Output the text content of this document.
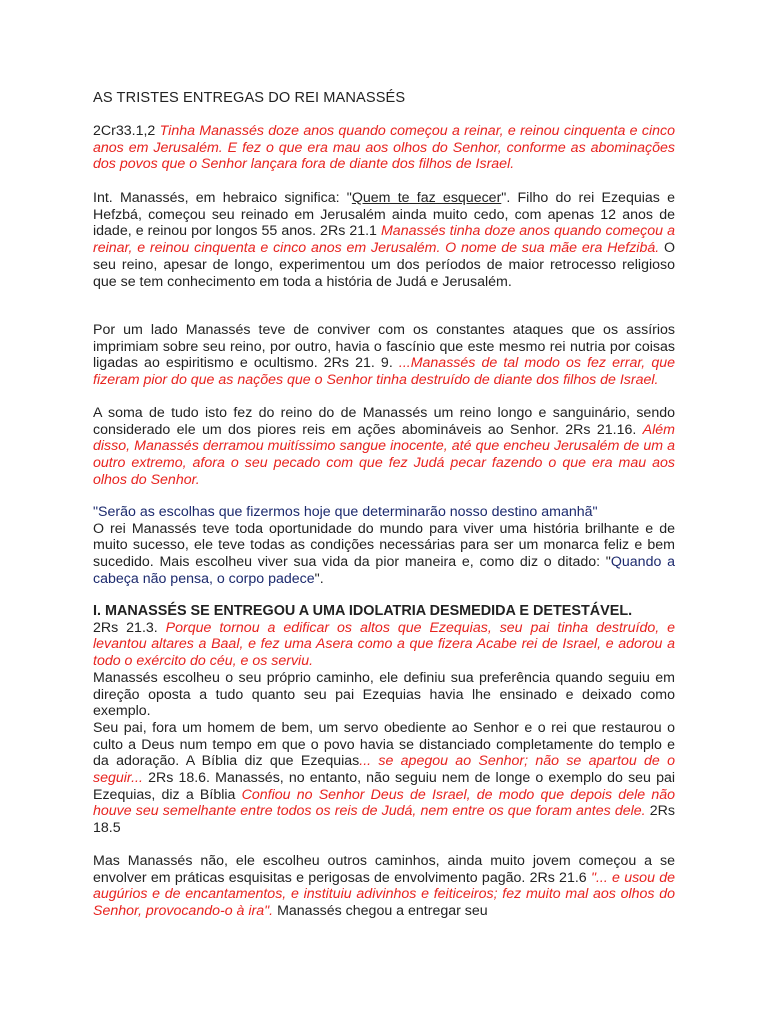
AS TRISTES ENTREGAS DO REI MANASSÉS

2Cr33.1,2 Tinha Manassés doze anos quando começou a reinar, e reinou cinquenta e cinco anos em Jerusalém. E fez o que era mau aos olhos do Senhor, conforme as abominações dos povos que o Senhor lançara fora de diante dos filhos de Israel.

Int. Manassés, em hebraico significa: "Quem te faz esquecer". Filho do rei Ezequias e Hefzbá, começou seu reinado em Jerusalém ainda muito cedo, com apenas 12 anos de idade, e reinou por longos 55 anos. 2Rs 21.1 Manassés tinha doze anos quando começou a reinar, e reinou cinquenta e cinco anos em Jerusalém. O nome de sua mãe era Hefzibá. O seu reino, apesar de longo, experimentou um dos períodos de maior retrocesso religioso que se tem conhecimento em toda a história de Judá e Jerusalém.

Por um lado Manassés teve de conviver com os constantes ataques que os assírios imprimiam sobre seu reino, por outro, havia o fascínio que este mesmo rei nutria por coisas ligadas ao espiritismo e ocultismo. 2Rs 21. 9. ...Manassés de tal modo os fez errar, que fizeram pior do que as nações que o Senhor tinha destruído de diante dos filhos de Israel.

A soma de tudo isto fez do reino do de Manassés um reino longo e sanguinário, sendo considerado ele um dos piores reis em ações abomináveis ao Senhor. 2Rs 21.16. Além disso, Manassés derramou muitíssimo sangue inocente, até que encheu Jerusalém de um a outro extremo, afora o seu pecado com que fez Judá pecar fazendo o que era mau aos olhos do Senhor.

"Serão as escolhas que fizermos hoje que determinarão nosso destino amanhã"

O rei Manassés teve toda oportunidade do mundo para viver uma história brilhante e de muito sucesso, ele teve todas as condições necessárias para ser um monarca feliz e bem sucedido. Mais escolheu viver sua vida da pior maneira e, como diz o ditado: "Quando a cabeça não pensa, o corpo padece".

I. MANASSÉS SE ENTREGOU A UMA IDOLATRIA DESMEDIDA E DETESTÁVEL.

2Rs 21.3. Porque tornou a edificar os altos que Ezequias, seu pai tinha destruído, e levantou altares a Baal, e fez uma Asera como a que fizera Acabe rei de Israel, e adorou a todo o exército do céu, e os serviu.

Manassés escolheu o seu próprio caminho, ele definiu sua preferência quando seguiu em direção oposta a tudo quanto seu pai Ezequias havia lhe ensinado e deixado como exemplo.

Seu pai, fora um homem de bem, um servo obediente ao Senhor e o rei que restaurou o culto a Deus num tempo em que o povo havia se distanciado completamente do templo e da adoração. A Bíblia diz que Ezequias... se apegou ao Senhor; não se apartou de o seguir... 2Rs 18.6. Manassés, no entanto, não seguiu nem de longe o exemplo do seu pai Ezequias, diz a Bíblia Confiou no Senhor Deus de Israel, de modo que depois dele não houve seu semelhante entre todos os reis de Judá, nem entre os que foram antes dele. 2Rs 18.5

Mas Manassés não, ele escolheu outros caminhos, ainda muito jovem começou a se envolver em práticas esquisitas e perigosas de envolvimento pagão. 2Rs 21.6 "... e usou de augúrios e de encantamentos, e instituiu adivinhos e feiticeiros; fez muito mal aos olhos do Senhor, provocando-o à ira". Manassés chegou a entregar seu
